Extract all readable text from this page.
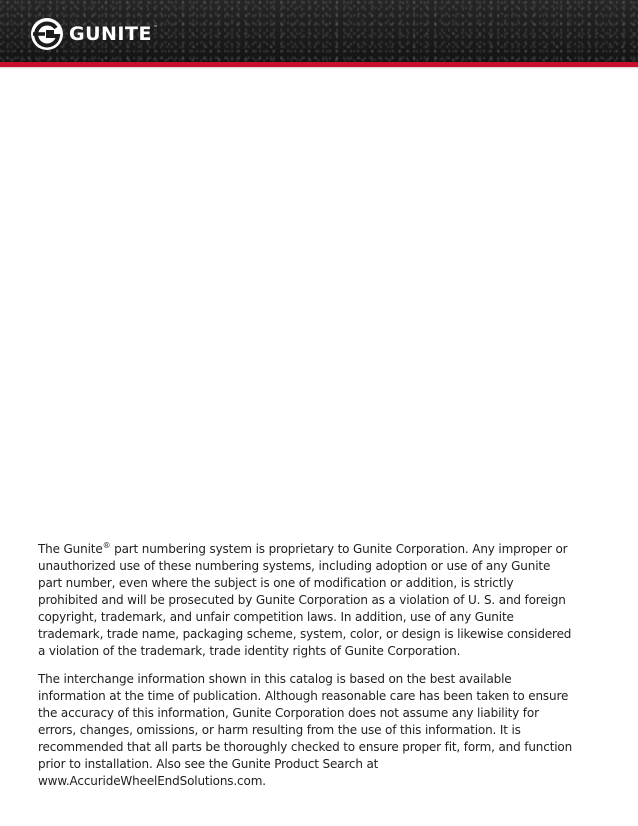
GUNITE ™

The Gunite® part numbering system is proprietary to Gunite Corporation. Any improper or unauthorized use of these numbering systems, including adoption or use of any Gunite part number, even where the subject is one of modification or addition, is strictly prohibited and will be prosecuted by Gunite Corporation as a violation of U. S. and foreign copyright, trademark, and unfair competition laws. In addition, use of any Gunite trademark, trade name, packaging scheme, system, color, or design is likewise considered a violation of the trademark, trade identity rights of Gunite Corporation.

The interchange information shown in this catalog is based on the best available information at the time of publication. Although reasonable care has been taken to ensure the accuracy of this information, Gunite Corporation does not assume any liability for errors, changes, omissions, or harm resulting from the use of this information. It is recommended that all parts be thoroughly checked to ensure proper fit, form, and function prior to installation. Also see the Gunite Product Search at www.AccurideWheelEndSolutions.com.
